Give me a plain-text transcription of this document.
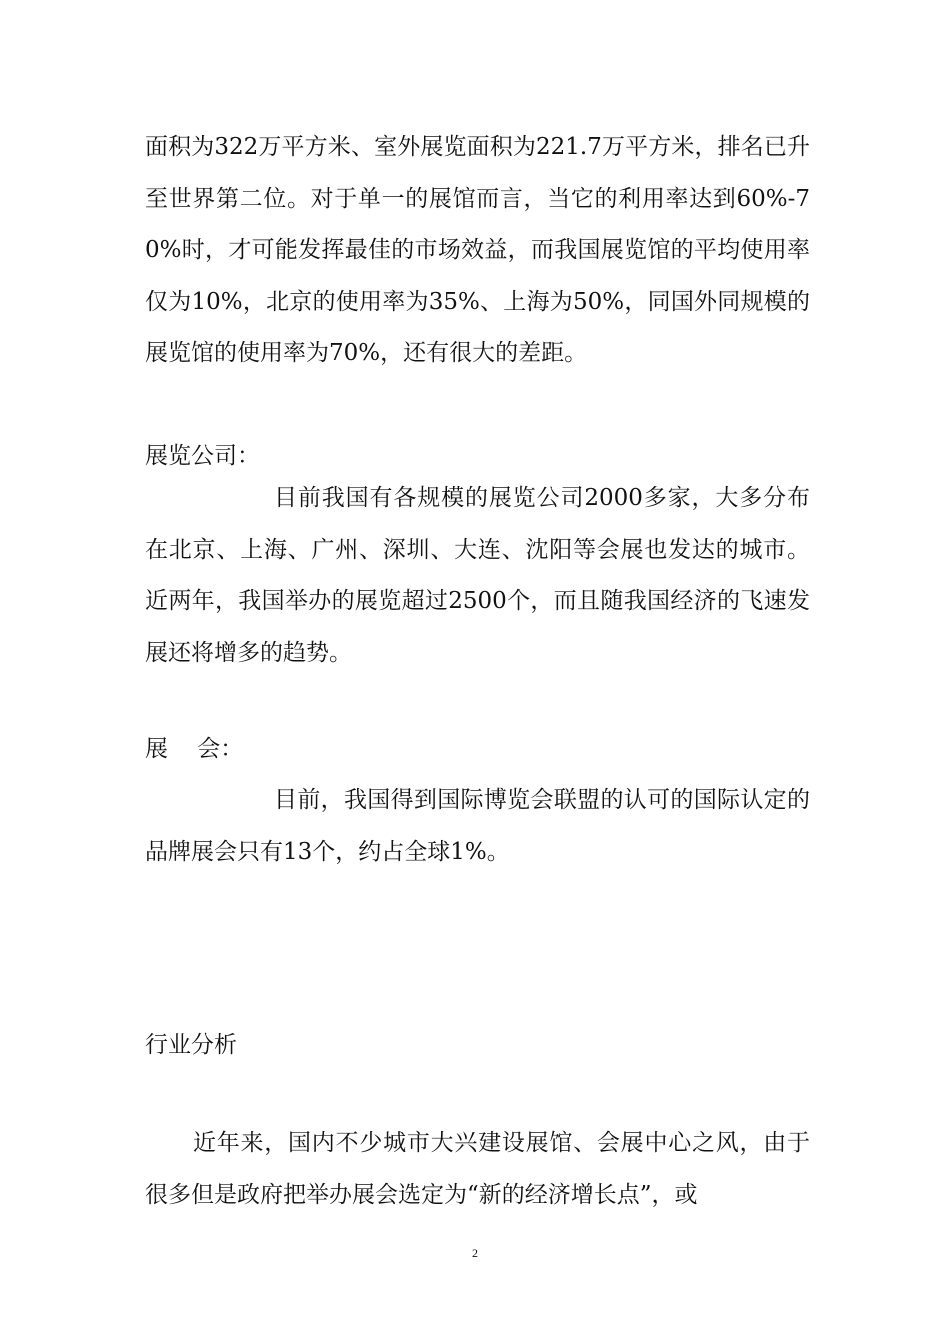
面积为322万平方米、室外展览面积为221.7万平方米，排名已升至世界第二位。对于单一的展馆而言，当它的利用率达到60%-70%时，才可能发挥最佳的市场效益，而我国展览馆的平均使用率仅为10%，北京的使用率为35%、上海为50%，同国外同规模的展览馆的使用率为70%，还有很大的差距。

展览公司：

目前我国有各规模的展览公司2000多家，大多分布在北京、上海、广州、深圳、大连、沈阳等会展也发达的城市。近两年，我国举办的展览超过2500个，而且随我国经济的飞速发展还将增多的趋势。

展    会：

目前，我国得到国际博览会联盟的认可的国际认定的品牌展会只有13个，约占全球1%。

行业分析

近年来，国内不少城市大兴建设展馆、会展中心之风，由于很多但是政府把举办展会选定为“新的经济增长点”，或

2
